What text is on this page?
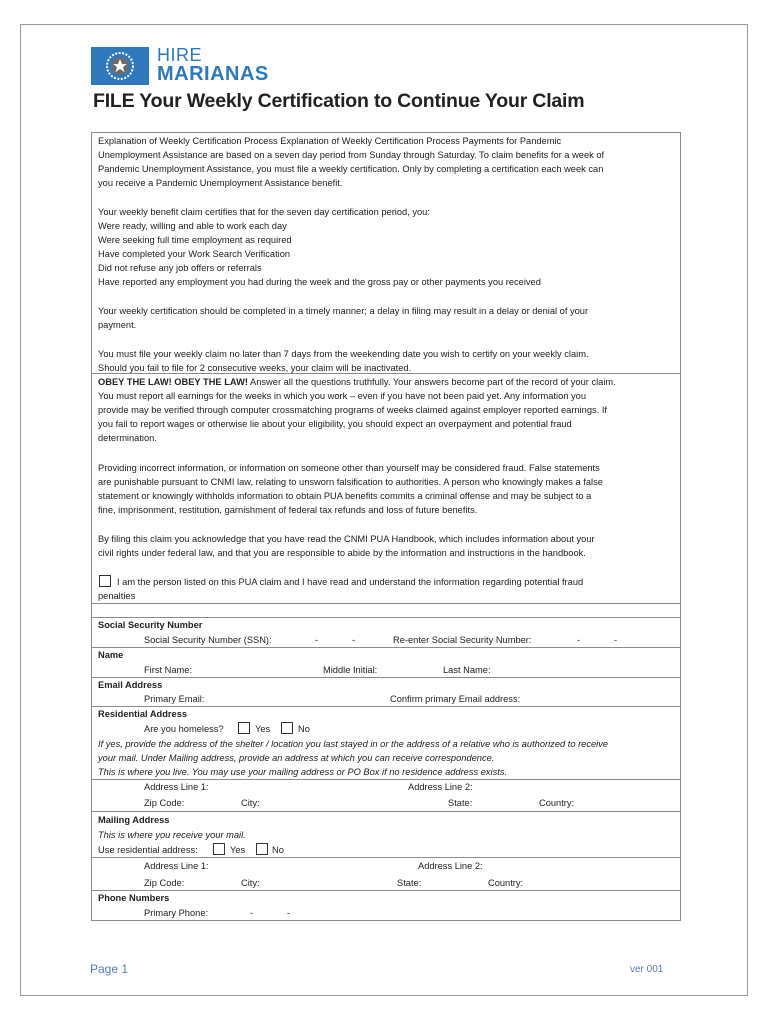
HIRE
MARIANAS
FILE Your Weekly Certification to Continue Your Claim
Explanation of Weekly Certification Process Explanation of Weekly Certification Process Payments for Pandemic
Unemployment Assistance are based on a seven day period from Sunday through Saturday. To claim benefits for a week of
Pandemic Unemployment Assistance, you must file a weekly certification. Only by completing a certification each week can
you receive a Pandemic Unemployment Assistance benefit.
Your weekly benefit claim certifies that for the seven day certification period, you:
Were ready, willing and able to work each day
Were seeking full time employment as required
Have completed your Work Search Verification
Did not refuse any job offers or referrals
Have reported any employment you had during the week and the gross pay or other payments you received
Your weekly certification should be completed in a timely manner; a delay in filing may result in a delay or denial of your
payment.
You must file your weekly claim no later than 7 days from the weekending date you wish to certify on your weekly claim.
Should you fail to file for 2 consecutive weeks, your claim will be inactivated.
OBEY THE LAW! OBEY THE LAW! Answer all the questions truthfully. Your answers become part of the record of your claim.
You must report all earnings for the weeks in which you work – even if you have not been paid yet. Any information you
provide may be verified through computer crossmatching programs of weeks claimed against employer reported earnings. If
you fail to report wages or otherwise lie about your eligibility, you should expect an overpayment and potential fraud
determination.
Providing incorrect information, or information on someone other than yourself may be considered fraud. False statements
are punishable pursuant to CNMI law, relating to unsworn falsification to authorities. A person who knowingly makes a false
statement or knowingly withholds information to obtain PUA benefits commits a criminal offense and may be subject to a
fine, imprisonment, restitution, garnishment of federal tax refunds and loss of future benefits.
By filing this claim you acknowledge that you have read the CNMI PUA Handbook, which includes information about your
civil rights under federal law, and that you are responsible to abide by the information and instructions in the handbook.
I am the person listed on this PUA claim and I have read and understand the information regarding potential fraud
penalties
Social Security Number
Social Security Number (SSN):	-	-	Re-enter Social Security Number:	-	-
Name
First Name:	Middle Initial:	Last Name:
Email Address
Primary Email:	Confirm primary Email address:
Residential Address
Are you homeless?	Yes	No
If yes, provide the address of the shelter / location you last stayed in or the address of a relative who is authorized to receive
your mail. Under Mailing address, provide an address at which you can receive correspondence.
This is where you live. You may use your mailing address or PO Box if no residence address exists.
Address Line 1:	Address Line 2:
Zip Code:	City:	State:	Country:
Mailing Address
This is where you receive your mail.
Use residential address:	Yes	No
Address Line 1:	Address Line 2:
Zip Code:	City:	State:	Country:
Phone Numbers
Primary Phone:	-	-
Page 1	ver 001
